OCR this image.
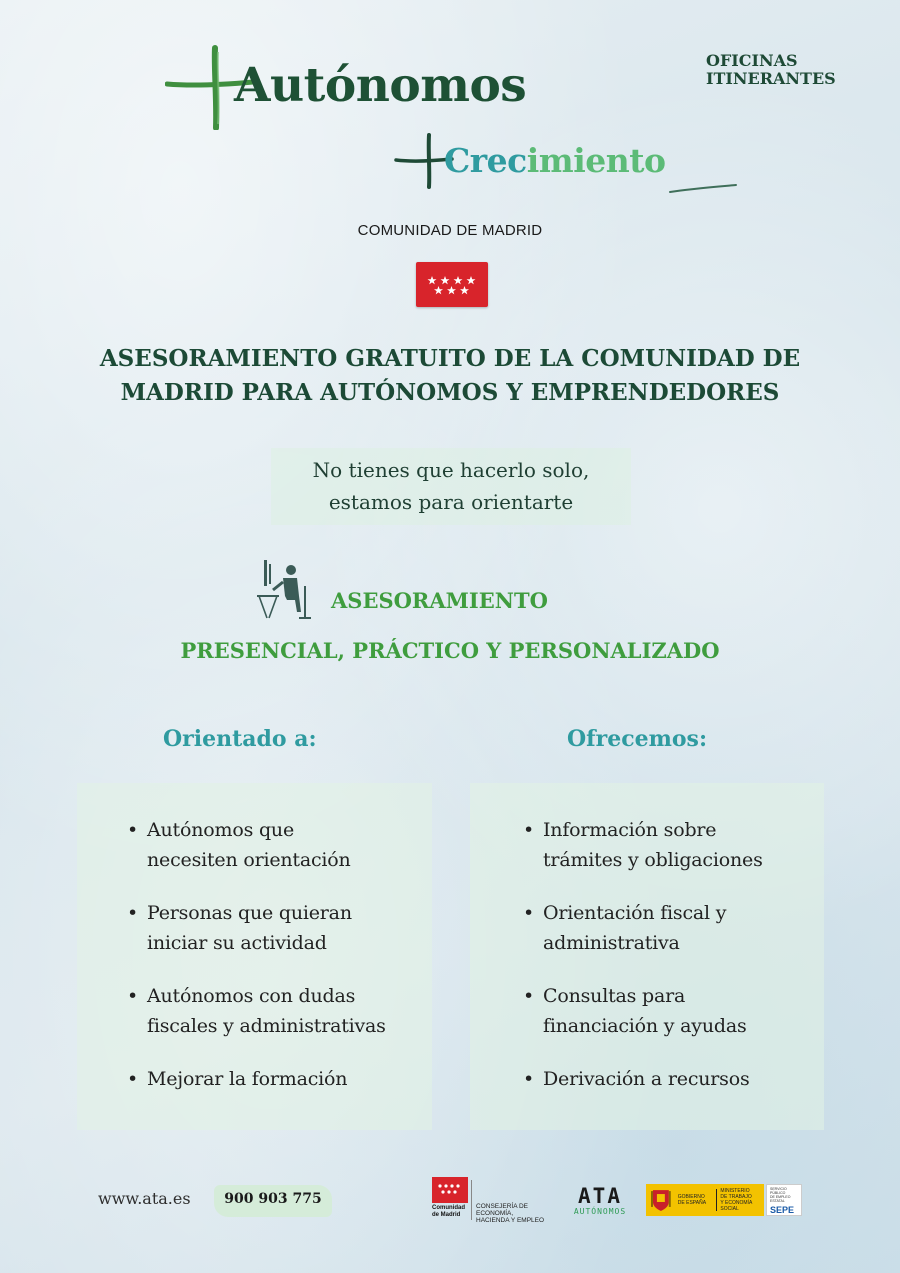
Autónomos
Crecimiento
OFICINAS
ITINERANTES
COMUNIDAD DE MADRID
ASESORAMIENTO GRATUITO DE LA COMUNIDAD DE
MADRID PARA AUTÓNOMOS Y EMPRENDEDORES
No tienes que hacerlo solo,
estamos para orientarte
ASESORAMIENTO
PRESENCIAL, PRÁCTICO Y PERSONALIZADO
Orientado a:	Ofrecemos:
• Autónomos que
necesiten orientación
• Personas que quieran
iniciar su actividad
• Autónomos con dudas
fiscales y administrativas
• Mejorar la formación
• Información sobre
trámites y obligaciones
• Orientación fiscal y
administrativa
• Consultas para
financiación y ayudas
• Derivación a recursos
www.ata.es	900 903 775
Comunidad
de Madrid
CONSEJERÍA DE ECONOMÍA,
HACIENDA Y EMPLEO
ATA
AUTÓNOMOS
GOBIERNO
DE ESPAÑA
MINISTERIO
DE TRABAJO
Y ECONOMÍA SOCIAL
SERVICIO PÚBLICO
DE EMPLEO ESTATAL
SEPE
